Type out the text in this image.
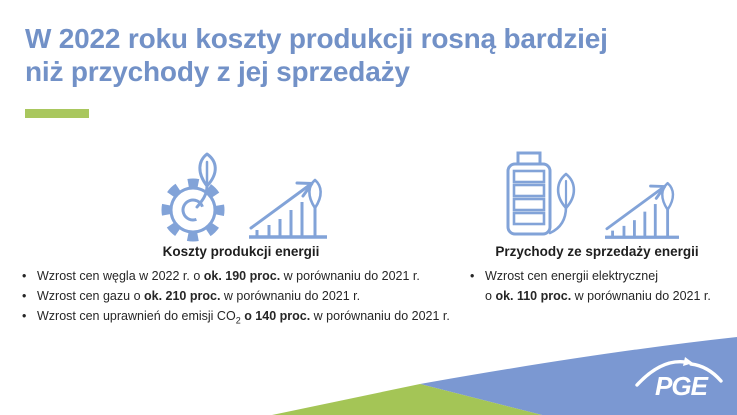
W 2022 roku koszty produkcji rosną bardziej
niż przychody z jej sprzedaży
Koszty produkcji energii
• Wzrost cen węgla w 2022 r. o ok. 190 proc. w porównaniu do 2021 r.
• Wzrost cen gazu o ok. 210 proc. w porównaniu do 2021 r.
• Wzrost cen uprawnień do emisji $CO_2$ o 140 proc. w porównaniu do 2021 r.
Przychody ze sprzedaży energii
• Wzrost cen energii elektrycznej
o ok. 110 proc. w porównaniu do 2021 r.
PGE
